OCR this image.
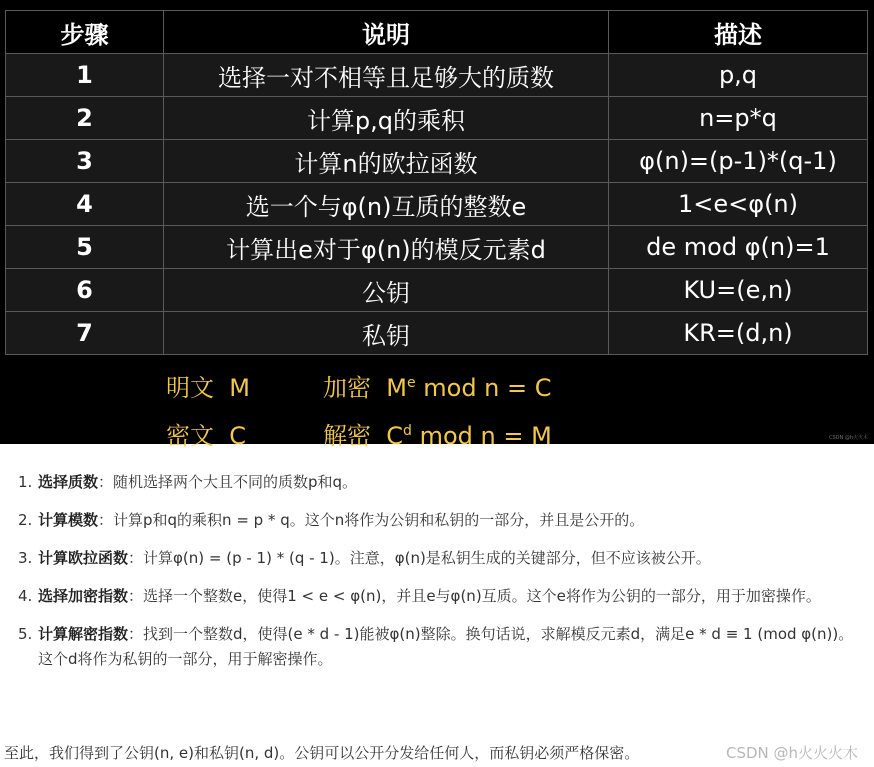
步骤	说明	描述
1	选择一对不相等且足够大的质数	p,q
2	计算p,q的乘积	n=p*q
3	计算n的欧拉函数	φ(n)=(p-1)*(q-1)
4	选一个与φ(n)互质的整数e	1<e<φ(n)
5	计算出e对于φ(n)的模反元素d	de mod φ(n)=1
6	公钥	KU=(e,n)
7	私钥	KR=(d,n)
明文 M	加密 Me mod n = C
密文 C	解密 $C^d$ mod n = M	CSDN @h火火木
1. 选择质数：随机选择两个大且不同的质数p和q。
2. 计算模数：计算p和q的乘积n = p * q。这个n将作为公钥和私钥的一部分，并且是公开的。
3. 计算欧拉函数：计算φ(n) = (p - 1) * (q - 1)。注意，φ(n)是私钥生成的关键部分，但不应该被公开。
4. 选择加密指数：选择一个整数e，使得1 < e < φ(n)，并且e与φ(n)互质。这个e将作为公钥的一部分，用于加密操作。
5. 计算解密指数：找到一个整数d，使得(e * d - 1)能被φ(n)整除。换句话说，求解模反元素d，满足e * d ≡ 1 (mod φ(n))。这个d将作为私钥的一部分，用于解密操作。

至此，我们得到了公钥(n, e)和私钥(n, d)。公钥可以公开分发给任何人，而私钥必须严格保密。	CSDN @h火火火木
